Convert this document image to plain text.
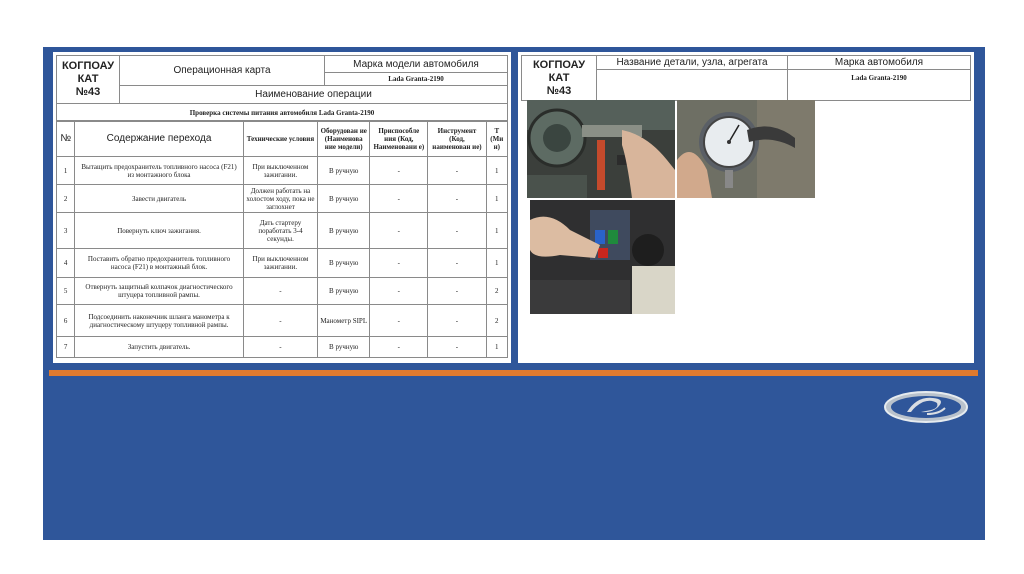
КОГПОАУ
КАТ
№43
	Операционная карта	Марка модели автомобиля
Lada Granta-2190
Наименование операции
Проверка системы питания автомобиля Lada Granta-2190
№	Содержание перехода	Технические условия	Оборудован ие (Наименова ние модели)	Приспособле ния (Код, Наименовани е)	Инструмент (Код, наименован ие)	Т (Ми н)
1	Вытащить предохранитель топливного насоса (F21) из монтажного блока	При выключенном зажигании.	В ручную	-	-	1
2	Завести двигатель	Должен работать на холостом ходу, пока не заглохнет	В ручную	-	-	1
3	Повернуть ключ зажигания.	Дать стартеру поработать 3-4 секунды.	В ручную	-	-	1
4	Поставить обратно предохранитель топливного насоса (F21) в монтажный блок.	При выключенном зажигании.	В ручную	-	-	1
5	Отвернуть защитный колпачок диагностического штуцера топливной рампы.	-	В ручную	-	-	2
6	Подсоединить наконечник шланга манометра к диагностическому штуцеру топливной рампы.	-	Манометр SIPL	-	-	2
7	Запустить двигатель.	-	В ручную	-	-	1
КОГПОАУ
КАТ
№43	Название детали, узла, агрегата	Марка автомобиля
		Lada Granta-2190
